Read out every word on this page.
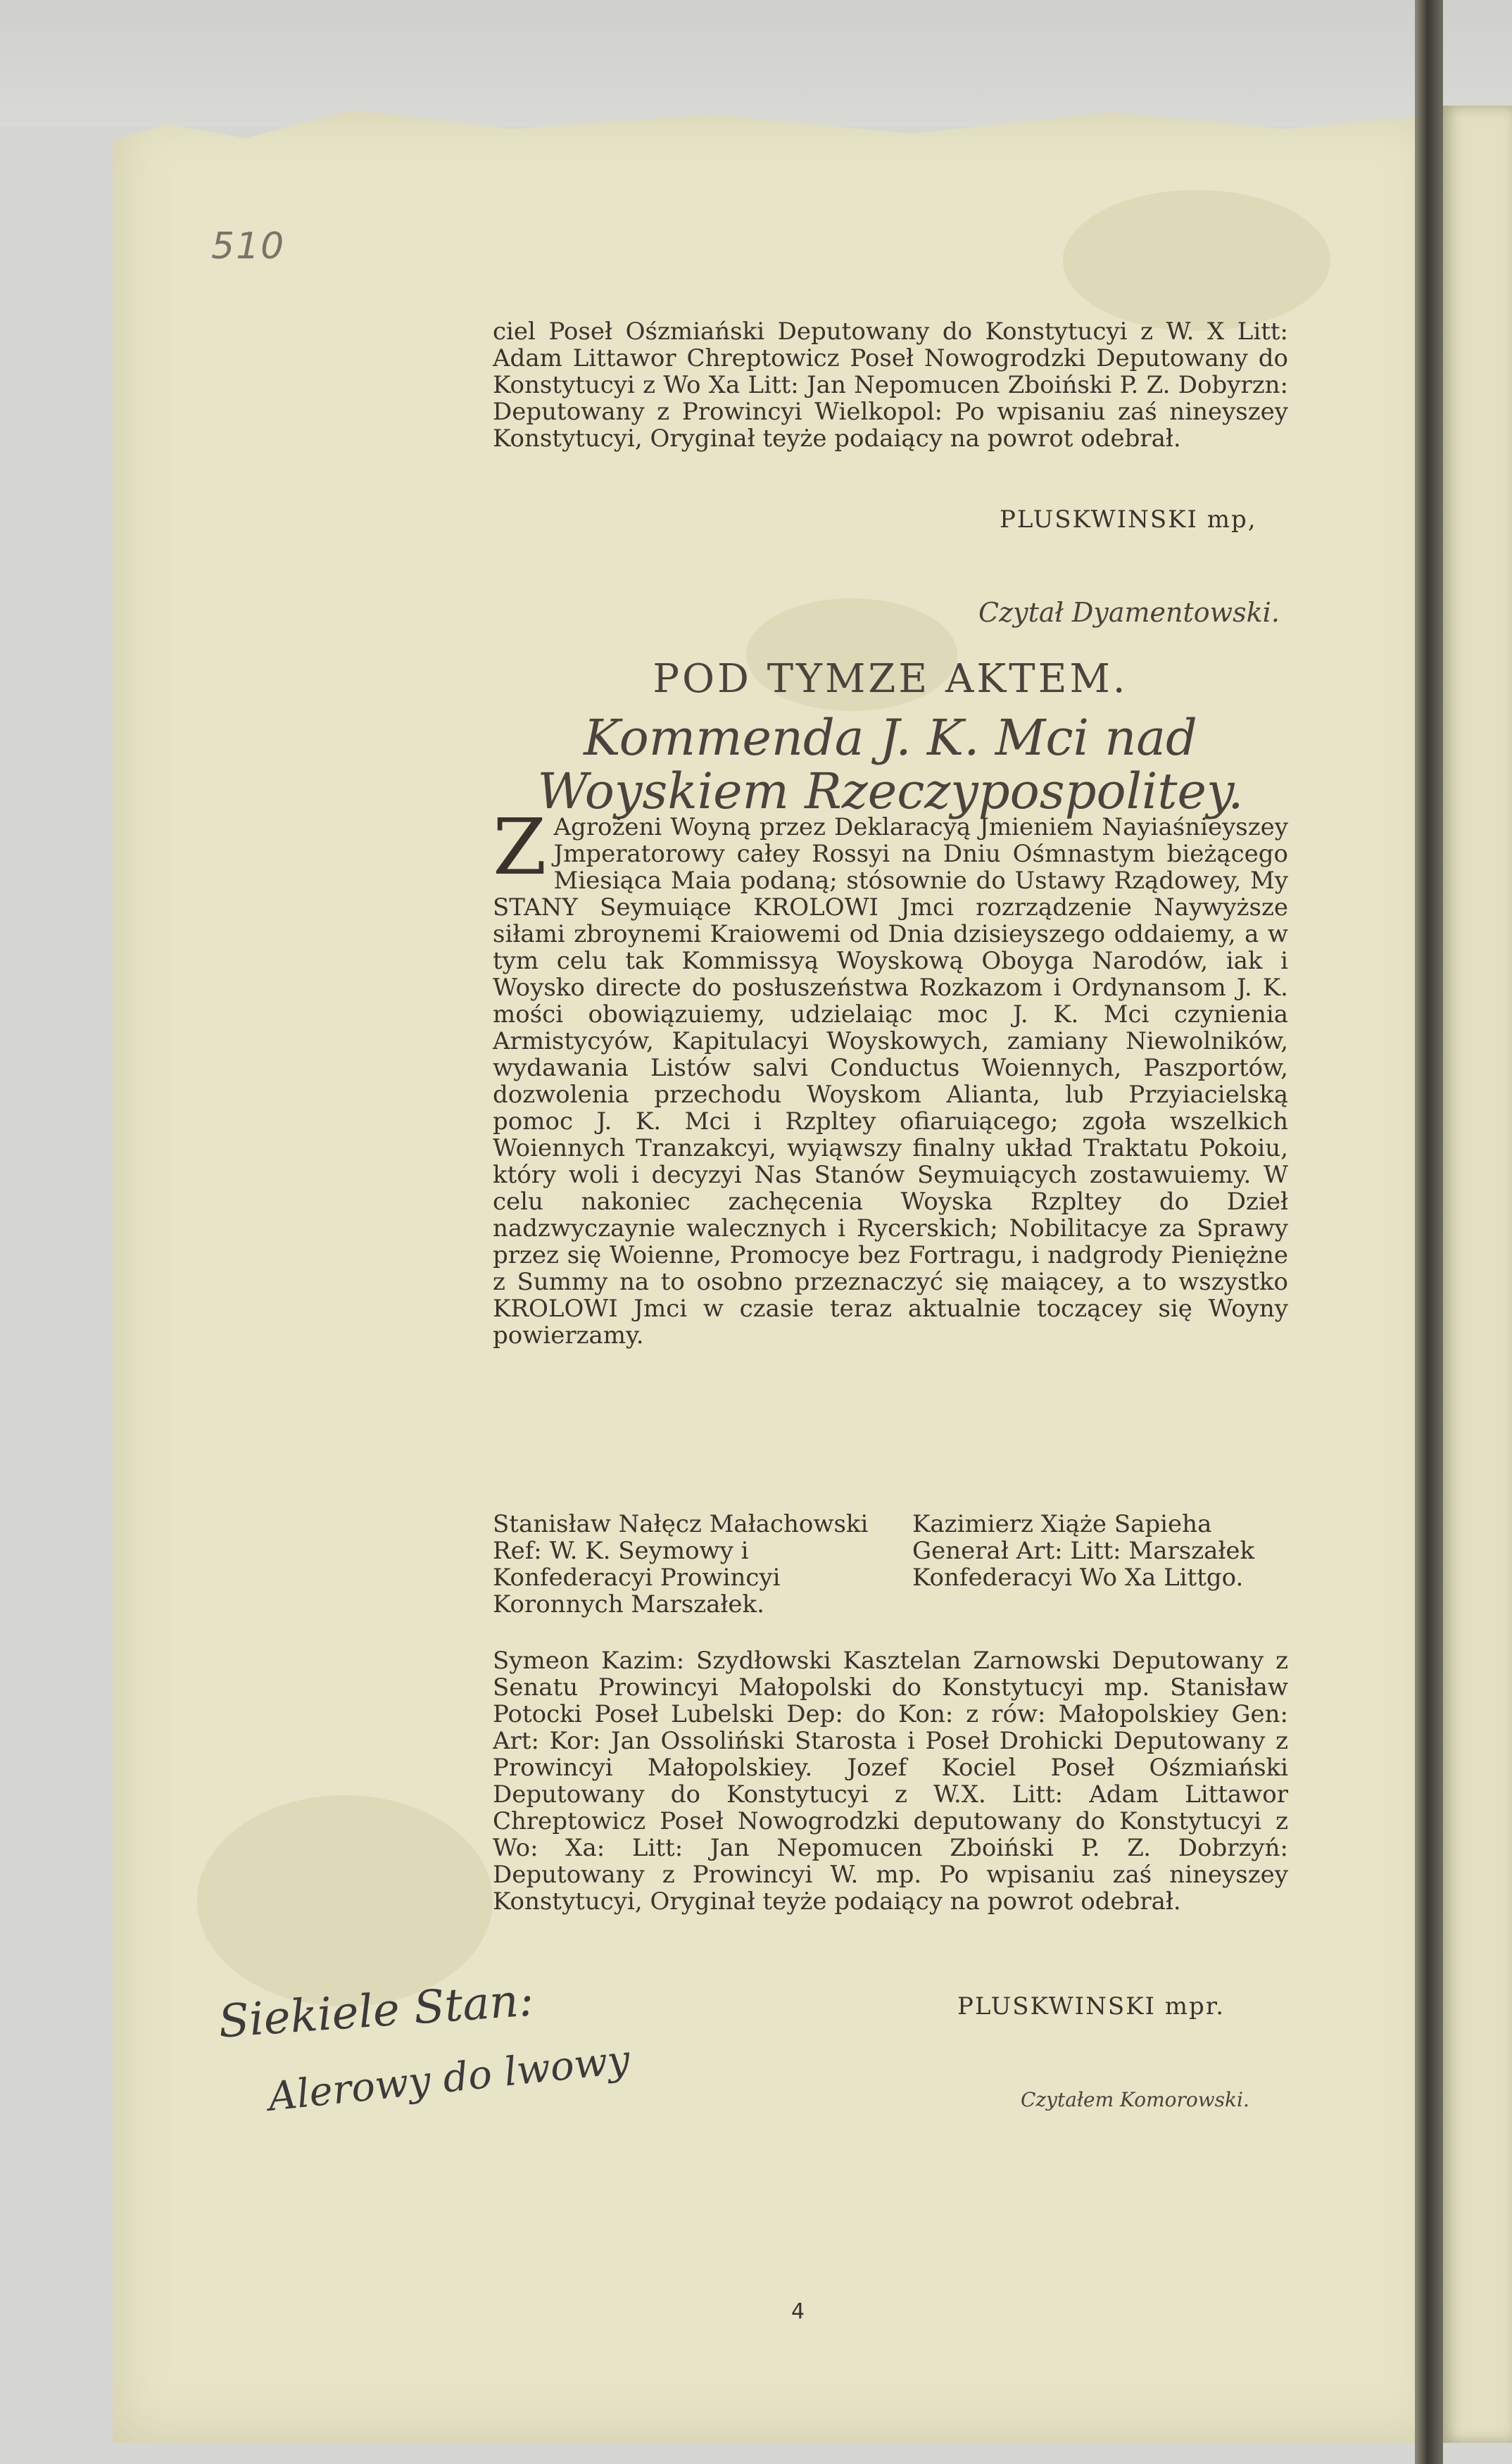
510

ciel Poseł Ośzmiański Deputowany do Konstytucyi z W. X Litt: Adam Littawor Chreptowicz Poseł Nowogrodzki Deputowany do Konstytucyi z Wo Xa Litt: Jan Nepomucen Zboiński P. Z. Dobyrzn: Deputowany z Prowincyi Wielkopol: Po wpisaniu zaś nineyszey Konstytucyi, Oryginał teyże podaiący na powrot odebrał.

PLUSKWINSKI mp,
Czytał Dyamentowski.
POD TYMZE AKTEM.
Kommenda J. K. Mci nad Woyskiem Rzeczypospolitey.
Z Agrożeni Woyną przez Deklaracyą Jmieniem Nayiaśnieyszey Jmperatorowy całey Rossyi na Dniu Ośmnastym bieżącego Miesiąca Maia podaną; stósownie do Ustawy Rządowey, My STANY Seymuiące KROLOWI Jmci rozrządzenie Naywyższe siłami zbroynemi Kraiowemi od Dnia dzisieyszego oddaiemy, a w tym celu tak Kommissyą Woyskową Oboyga Narodów, iak i Woysko directe do posłuszeństwa Rozkazom i Ordynansom J. K. mości obowiązuiemy, udzielaiąc moc J. K. Mci czynienia Armistycyów, Kapitulacyi Woyskowych, zamiany Niewolników, wydawania Listów salvi Conductus Woiennych, Paszportów, dozwolenia przechodu Woyskom Alianta, lub Przyiacielską pomoc J. K. Mci i Rzpltey ofiaruiącego; zgoła wszelkich Woiennych Tranzakcyi, wyiąwszy finalny układ Traktatu Pokoiu, który woli i decyzyi Nas Stanów Seymuiących zostawuiemy. W celu nakoniec zachęcenia Woyska Rzpltey do Dzieł nadzwyczaynie walecznych i Rycerskich; Nobilitacye za Sprawy przez się Woienne, Promocye bez Fortragu, i nadgrody Pieniężne z Summy na to osobno przeznaczyć się maiącey, a to wszystko KROLOWI Jmci w czasie teraz aktualnie toczącey się Woyny powierzamy.

Stanisław Nałęcz Małachowski Ref: W. K. Seymowy i Konfederacyi Prowincyi Koronnych Marszałek.

Kazimierz Xiąże Sapieha Generał Art: Litt: Marszałek Konfederacyi Wo Xa Littgo.

Symeon Kazim: Szydłowski Kasztelan Zarnowski Deputowany z Senatu Prowincyi Małopolski do Konstytucyi mp. Stanisław Potocki Poseł Lubelski Dep: do Kon: z rów: Małopolskiey Gen: Art: Kor: Jan Ossoliński Starosta i Poseł Drohicki Deputowany z Prowincyi Małopolskiey. Jozef Kociel Poseł Ośzmiański Deputowany do Konstytucyi z W.X. Litt: Adam Littawor Chreptowicz Poseł Nowogrodzki deputowany do Konstytucyi z Wo: Xa: Litt: Jan Nepomucen Zboiński P. Z. Dobrzyń: Deputowany z Prowincyi W. mp. Po wpisaniu zaś nineyszey Konstytucyi, Oryginał teyże podaiący na powrot odebrał.

PLUSKWINSKI mpr.
Czytałem Komorowski.
Siekiele Stan:
Alerowy do lwowy
4
